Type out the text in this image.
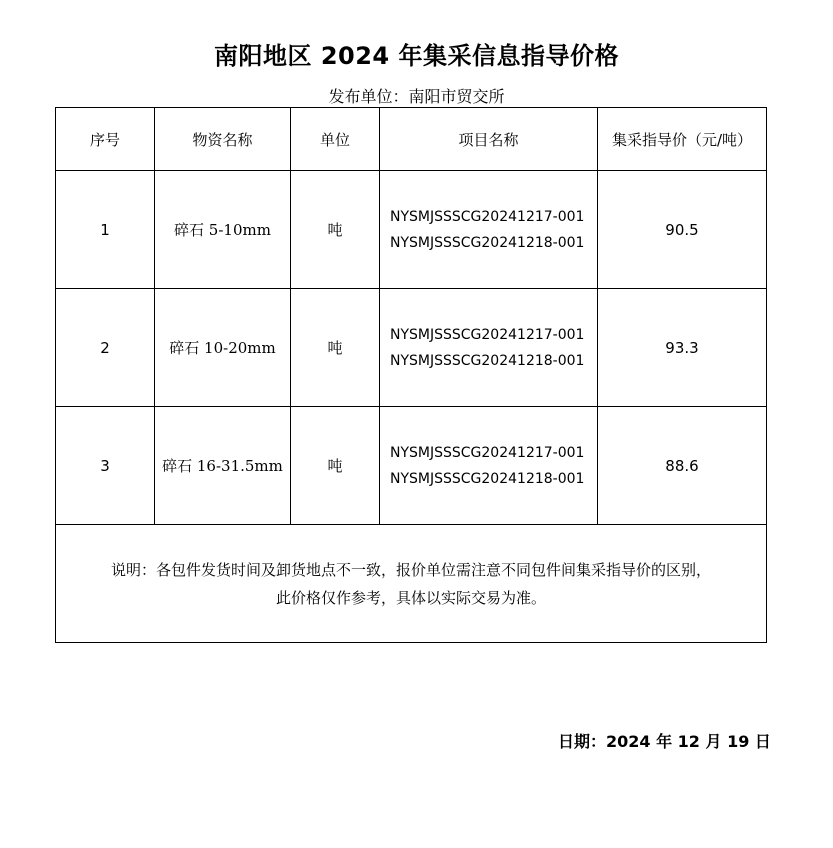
南阳地区 2024 年集采信息指导价格
发布单位：南阳市贸交所
序号	物资名称	单位	项目名称	集采指导价（元/吨）
1	碎石 5-10mm	吨	NYSMJSSSCG20241217-001
NYSMJSSSCG20241218-001	90.5
2	碎石 10-20mm	吨	NYSMJSSSCG20241217-001
NYSMJSSSCG20241218-001	93.3
3	碎石 16-31.5mm	吨	NYSMJSSSCG20241217-001
NYSMJSSSCG20241218-001	88.6

说明：各包件发货时间及卸货地点不一致，报价单位需注意不同包件间集采指导价的区别，
此价格仅作参考，具体以实际交易为准。				
日期：2024 年 12 月 19 日
